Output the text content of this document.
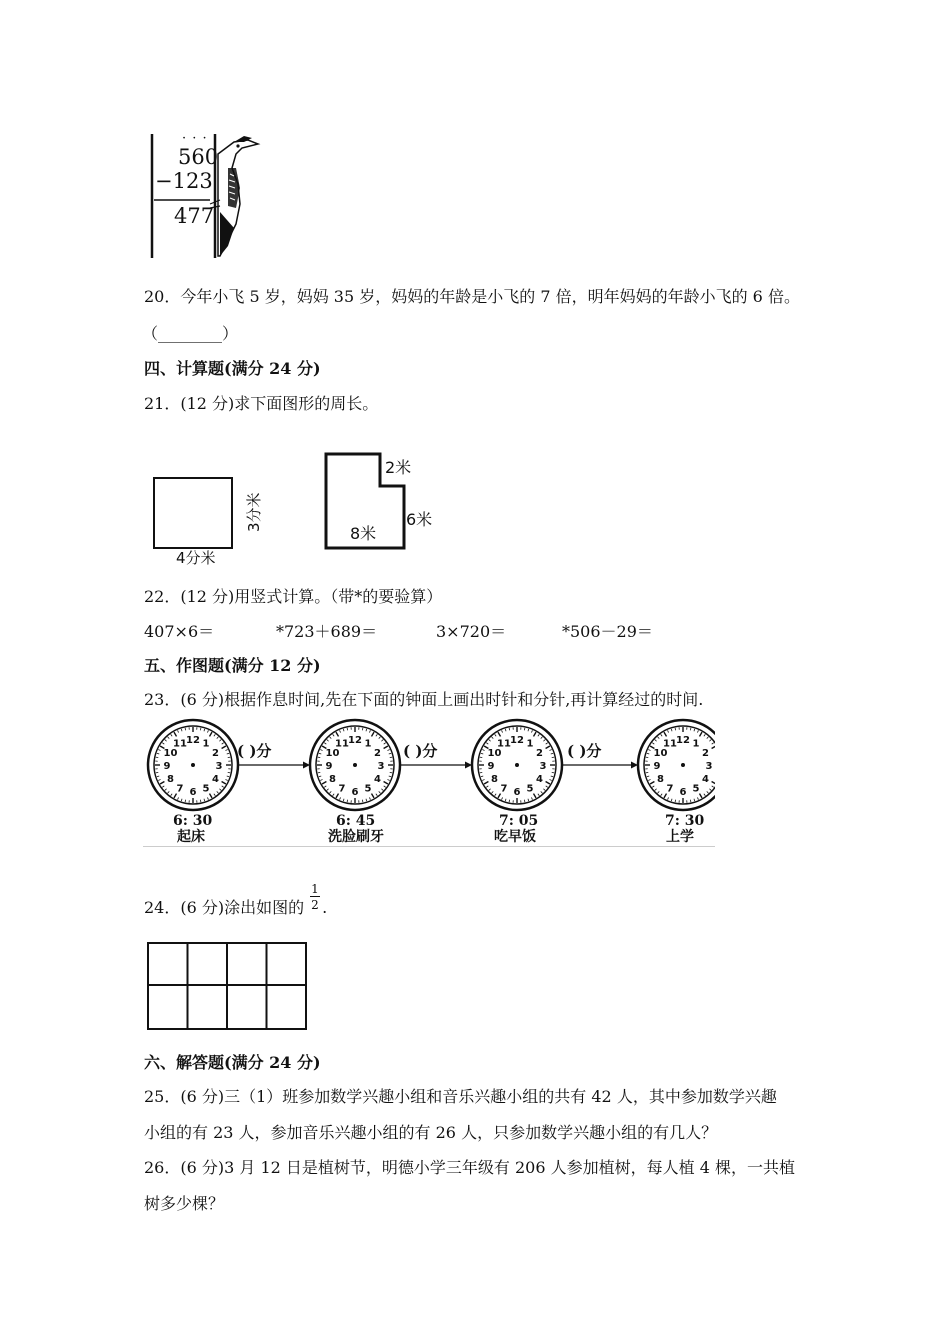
· · ·
560
−123
477
20．今年小飞 5 岁，妈妈 35 岁，妈妈的年龄是小飞的 7 倍，明年妈妈的年龄小飞的 6 倍。
（________）
四、计算题(满分 24 分)
21．(12 分)求下面图形的周长。
3分米
4分米
2米
6米
8米
22．(12 分)用竖式计算。（带*的要验算）
407×6＝	*723＋689＝	3×720＝	*506－29＝
五、作图题(满分 12 分)
23．(6 分)根据作息时间,先在下面的钟面上画出时针和分针,再计算经过的时间.
12 1
2
3
4
5
6
7
8
9
10
11	12 1
2
3
4
5
6
7
8
9
10
11	12 1
2
3
4
5
6
7
8
9
10
11	12 1
2
3
4
5
6
7
8
9
10
11
6: 30
起床
6: 45
洗脸刷牙
7: 05
吃早饭
7: 30
上学
( )分	( )分	( )分
24．(6 分)涂出如图的 .
1
2
六、解答题(满分 24 分)
25．(6 分)三（1）班参加数学兴趣小组和音乐兴趣小组的共有 42 人，其中参加数学兴趣
小组的有 23 人，参加音乐兴趣小组的有 26 人，只参加数学兴趣小组的有几人？
26．(6 分)3 月 12 日是植树节，明德小学三年级有 206 人参加植树，每人植 4 棵，一共植
树多少棵？
